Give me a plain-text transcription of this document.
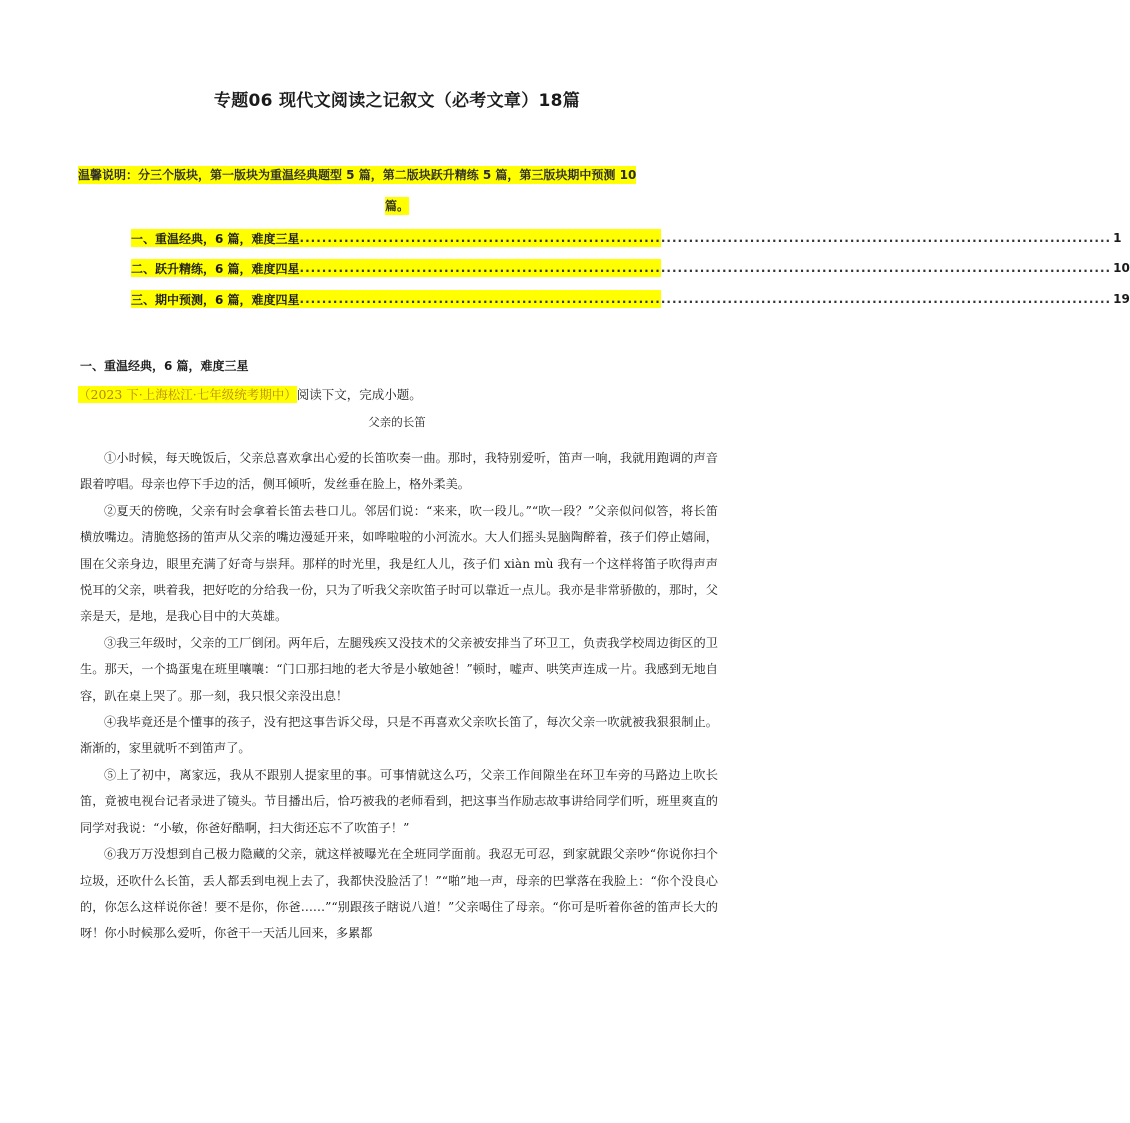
专题06 现代文阅读之记叙文（必考文章）18篇
温馨说明：分三个版块，第一版块为重温经典题型 5 篇，第二版块跃升精练 5 篇，第三版块期中预测 10
篇。
一、重温经典，6 篇，难度三星 .................................................................................................................................................. 1
二、跃升精练，6 篇，难度四星 .................................................................................................................................................. 10
三、期中预测，6 篇，难度四星 .................................................................................................................................................. 19
一、重温经典，6 篇，难度三星
（2023 下·上海松江·七年级统考期中）阅读下文，完成小题。
父亲的长笛

①小时候，每天晚饭后，父亲总喜欢拿出心爱的长笛吹奏一曲。那时，我特别爱听，笛声一响，我就用跑调的声音跟着哼唱。母亲也停下手边的活，侧耳倾听，发丝垂在脸上，格外柔美。

②夏天的傍晚，父亲有时会拿着长笛去巷口儿。邻居们说：“来来，吹一段儿。”“吹一段？”父亲似问似答，将长笛横放嘴边。清脆悠扬的笛声从父亲的嘴边漫延开来，如哗啦啦的小河流水。大人们摇头晃脑陶醉着，孩子们停止嬉闹，围在父亲身边，眼里充满了好奇与崇拜。那样的时光里，我是红人儿，孩子们 xiàn mù 我有一个这样将笛子吹得声声悦耳的父亲，哄着我，把好吃的分给我一份，只为了听我父亲吹笛子时可以靠近一点儿。我亦是非常骄傲的，那时，父亲是天，是地，是我心目中的大英雄。

③我三年级时，父亲的工厂倒闭。两年后，左腿残疾又没技术的父亲被安排当了环卫工，负责我学校周边街区的卫生。那天，一个捣蛋鬼在班里嚷嚷：“门口那扫地的老大爷是小敏她爸！”顿时，嘘声、哄笑声连成一片。我感到无地自容，趴在桌上哭了。那一刻，我只恨父亲没出息！

④我毕竟还是个懂事的孩子，没有把这事告诉父母，只是不再喜欢父亲吹长笛了，每次父亲一吹就被我狠狠制止。渐渐的，家里就听不到笛声了。

⑤上了初中，离家远，我从不跟别人提家里的事。可事情就这么巧，父亲工作间隙坐在环卫车旁的马路边上吹长笛，竟被电视台记者录进了镜头。节目播出后，恰巧被我的老师看到，把这事当作励志故事讲给同学们听，班里爽直的同学对我说：“小敏，你爸好酷啊，扫大街还忘不了吹笛子！”

⑥我万万没想到自己极力隐藏的父亲，就这样被曝光在全班同学面前。我忍无可忍，到家就跟父亲吵“你说你扫个垃圾，还吹什么长笛，丢人都丢到电视上去了，我都快没脸活了！”“啪”地一声，母亲的巴掌落在我脸上：“你个没良心的，你怎么这样说你爸！要不是你，你爸……”“别跟孩子瞎说八道！”父亲喝住了母亲。“你可是听着你爸的笛声长大的呀！你小时候那么爱听，你爸干一天活儿回来，多累都
